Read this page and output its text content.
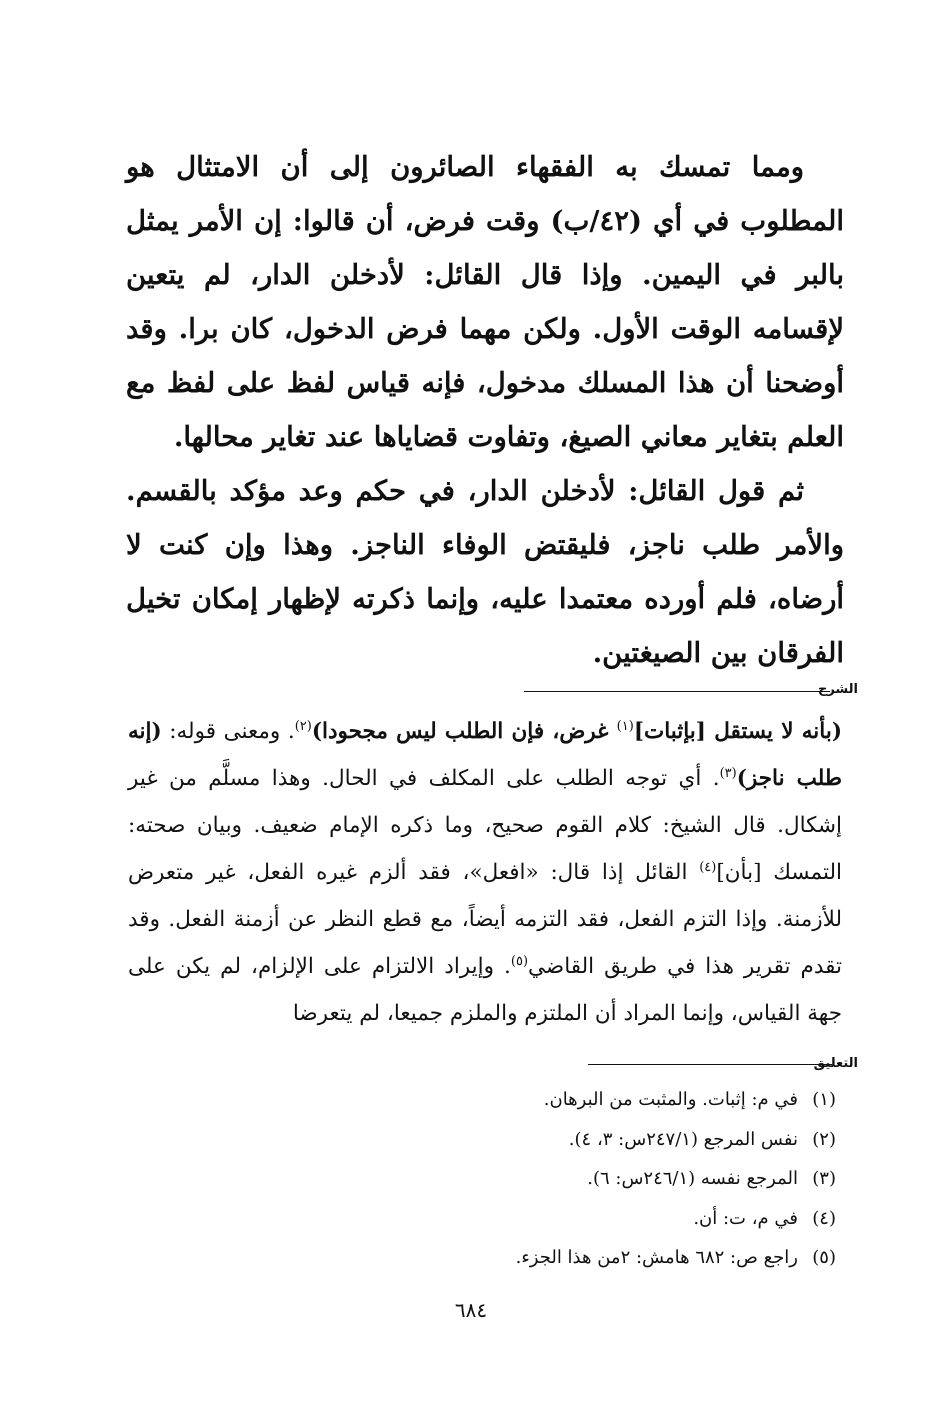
ومما تمسك به الفقهاء الصائرون إلى أن الامتثال هو المطلوب في أي (٤٢/ب) وقت فرض، أن قالوا: إن الأمر يمثل بالبر في اليمين. وإذا قال القائل: لأدخلن الدار، لم يتعين لإقسامه الوقت الأول. ولكن مهما فرض الدخول، كان برا. وقد أوضحنا أن هذا المسلك مدخول، فإنه قياس لفظ على لفظ مع العلم بتغاير معاني الصيغ، وتفاوت قضاياها عند تغاير محالها.

ثم قول القائل: لأدخلن الدار، في حكم وعد مؤكد بالقسم. والأمر طلب ناجز، فليقتض الوفاء الناجز. وهذا وإن كنت لا أرضاه، فلم أورده معتمدا عليه، وإنما ذكرته لإظهار إمكان تخيل الفرقان بين الصيغتين.

الشرح

(بأنه لا يستقل [بإثبات]$^{(١)}$ غرض، فإن الطلب ليس مجحودا)$^{(٢)}$. ومعنى قوله: (إنه طلب ناجز)$^{(٣)}$. أي توجه الطلب على المكلف في الحال. وهذا مسلَّم من غير إشكال. قال الشيخ: كلام القوم صحيح، وما ذكره الإمام ضعيف. وبيان صحته: التمسك [بأن]$^{(٤)}$ القائل إذا قال: «افعل»، فقد ألزم غيره الفعل، غير متعرض للأزمنة. وإذا التزم الفعل، فقد التزمه أيضاً، مع قطع النظر عن أزمنة الفعل. وقد تقدم تقرير هذا في طريق القاضي$^{(٥)}$. وإيراد الالتزام على الإلزام، لم يكن على جهة القياس، وإنما المراد أن الملتزم والملزم جميعا، لم يتعرضا

التعليق
(١)في م: إثبات. والمثبت من البرهان.
(٢)نفس المرجع (٢٤٧/١س: ٣، ٤).
(٣)المرجع نفسه (٢٤٦/١س: ٦).
(٤)في م، ت: أن.
(٥)راجع ص: ٦٨٢ هامش: ٢من هذا الجزء.
٦٨٤
